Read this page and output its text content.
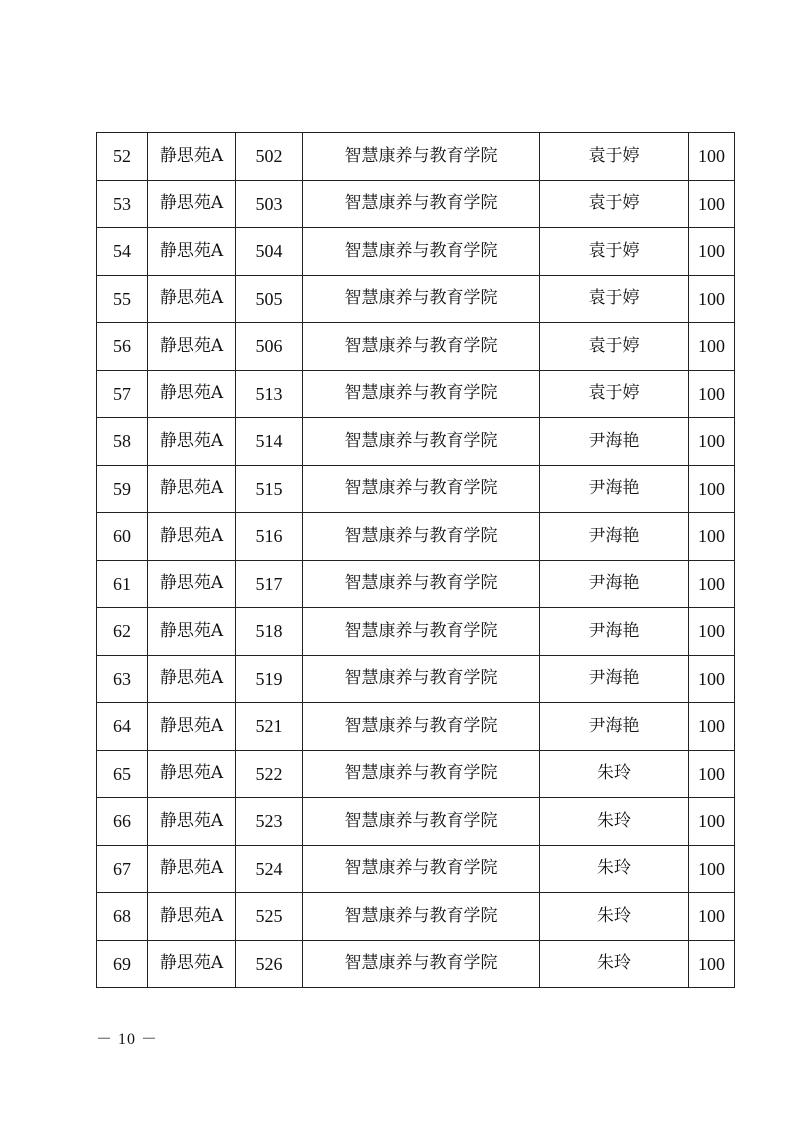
52	静思苑A	502	智慧康养与教育学院	袁于婷	100
53	静思苑A	503	智慧康养与教育学院	袁于婷	100
54	静思苑A	504	智慧康养与教育学院	袁于婷	100
55	静思苑A	505	智慧康养与教育学院	袁于婷	100
56	静思苑A	506	智慧康养与教育学院	袁于婷	100
57	静思苑A	513	智慧康养与教育学院	袁于婷	100
58	静思苑A	514	智慧康养与教育学院	尹海艳	100
59	静思苑A	515	智慧康养与教育学院	尹海艳	100
60	静思苑A	516	智慧康养与教育学院	尹海艳	100
61	静思苑A	517	智慧康养与教育学院	尹海艳	100
62	静思苑A	518	智慧康养与教育学院	尹海艳	100
63	静思苑A	519	智慧康养与教育学院	尹海艳	100
64	静思苑A	521	智慧康养与教育学院	尹海艳	100
65	静思苑A	522	智慧康养与教育学院	朱玲	100
66	静思苑A	523	智慧康养与教育学院	朱玲	100
67	静思苑A	524	智慧康养与教育学院	朱玲	100
68	静思苑A	525	智慧康养与教育学院	朱玲	100
69	静思苑A	526	智慧康养与教育学院	朱玲	100
－ 10 －
